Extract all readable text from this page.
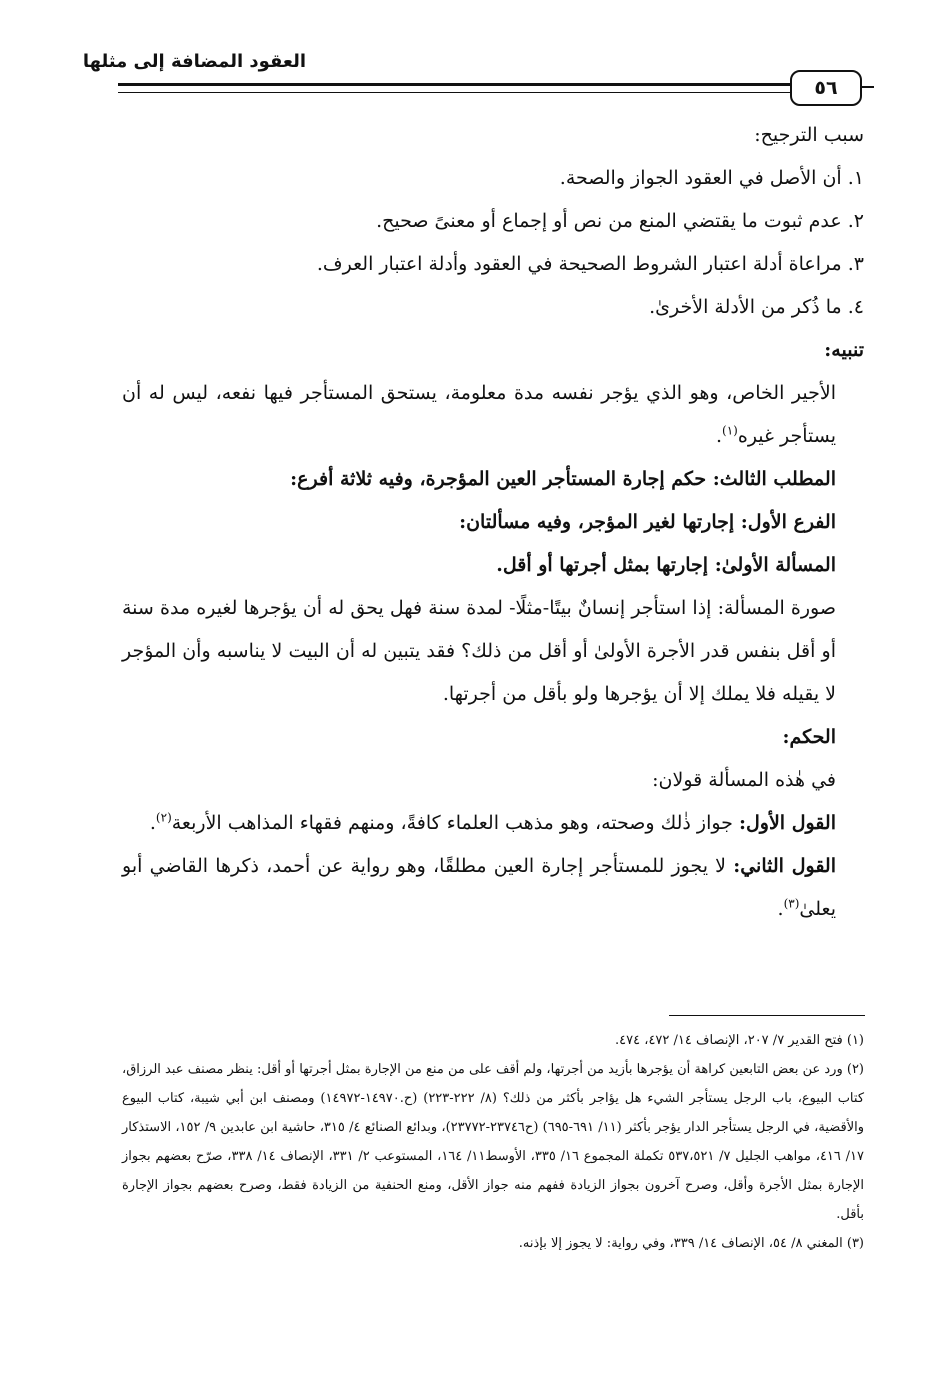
العقود المضافة إلى مثلها
٥٦

سبب الترجيح:

١. أن الأصل في العقود الجواز والصحة.

٢. عدم ثبوت ما يقتضي المنع من نص أو إجماع أو معنىً صحيح.

٣. مراعاة أدلة اعتبار الشروط الصحيحة في العقود وأدلة اعتبار العرف.

٤. ما ذُكر من الأدلة الأخرىٰ.

تنبيه:

الأجير الخاص، وهو الذي يؤجر نفسه مدة معلومة، يستحق المستأجر فيها نفعه، ليس له أن يستأجر غيره$^{(١)}$.

المطلب الثالث: حكم إجارة المستأجر العين المؤجرة، وفيه ثلاثة أفرع:

الفرع الأول: إجارتها لغير المؤجر، وفيه مسألتان:

المسألة الأولىٰ: إجارتها بمثل أجرتها أو أقل.

صورة المسألة: إذا استأجر إنسانٌ بيتًا-مثلًا- لمدة سنة فهل يحق له أن يؤجرها لغيره مدة سنة أو أقل بنفس قدر الأجرة الأولىٰ أو أقل من ذلك؟ فقد يتبين له أن البيت لا يناسبه وأن المؤجر لا يقيله فلا يملك إلا أن يؤجرها ولو بأقل من أجرتها.

الحكم:

في هٰذه المسألة قولان:

القول الأول: جواز ذٰلك وصحته، وهو مذهب العلماء كافةً، ومنهم فقهاء المذاهب الأربعة$^{(٢)}$.

القول الثاني: لا يجوز للمستأجر إجارة العين مطلقًا، وهو رواية عن أحمد، ذكرها القاضي أبو يعلىٰ$^{(٣)}$.

(١) فتح القدير ٧/ ٢٠٧، الإنصاف ١٤/ ٤٧٢، ٤٧٤.

(٢) ورد عن بعض التابعين كراهة أن يؤجرها بأزيد من أجرتها، ولم أقف على من منع من الإجارة بمثل أجرتها أو أقل: ينظر مصنف عبد الرزاق، كتاب البيوع، باب الرجل يستأجر الشيء هل يؤاجر بأكثر من ذلك؟ (٨/ ٢٢٢-٢٢٣) (ح.١٤٩٧٠-١٤٩٧٢) ومصنف ابن أبي شيبة، كتاب البيوع والأقضية، في الرجل يستأجر الدار يؤجر بأكثر (١١/ ٦٩١-٦٩٥) (ح٢٣٧٤٦-٢٣٧٧٢)، وبدائع الصنائع ٤/ ٣١٥، حاشية ابن عابدين ٩/ ١٥٢، الاستذكار ١٧/ ٤١٦، مواهب الجليل ٧/ ٥٣٧،٥٢١ تكملة المجموع ١٦/ ٣٣٥، الأوسط١١/ ١٦٤، المستوعب ٢/ ٣٣١، الإنصاف ١٤/ ٣٣٨، صرّح بعضهم بجواز الإجارة بمثل الأجرة وأقل، وصرح آخرون بجواز الزيادة ففهم منه جواز الأقل، ومنع الحنفية من الزيادة فقط، وصرح بعضهم بجواز الإجارة بأقل.

(٣) المغني ٨/ ٥٤، الإنصاف ١٤/ ٣٣٩، وفي رواية: لا يجوز إلا بإذنه.
